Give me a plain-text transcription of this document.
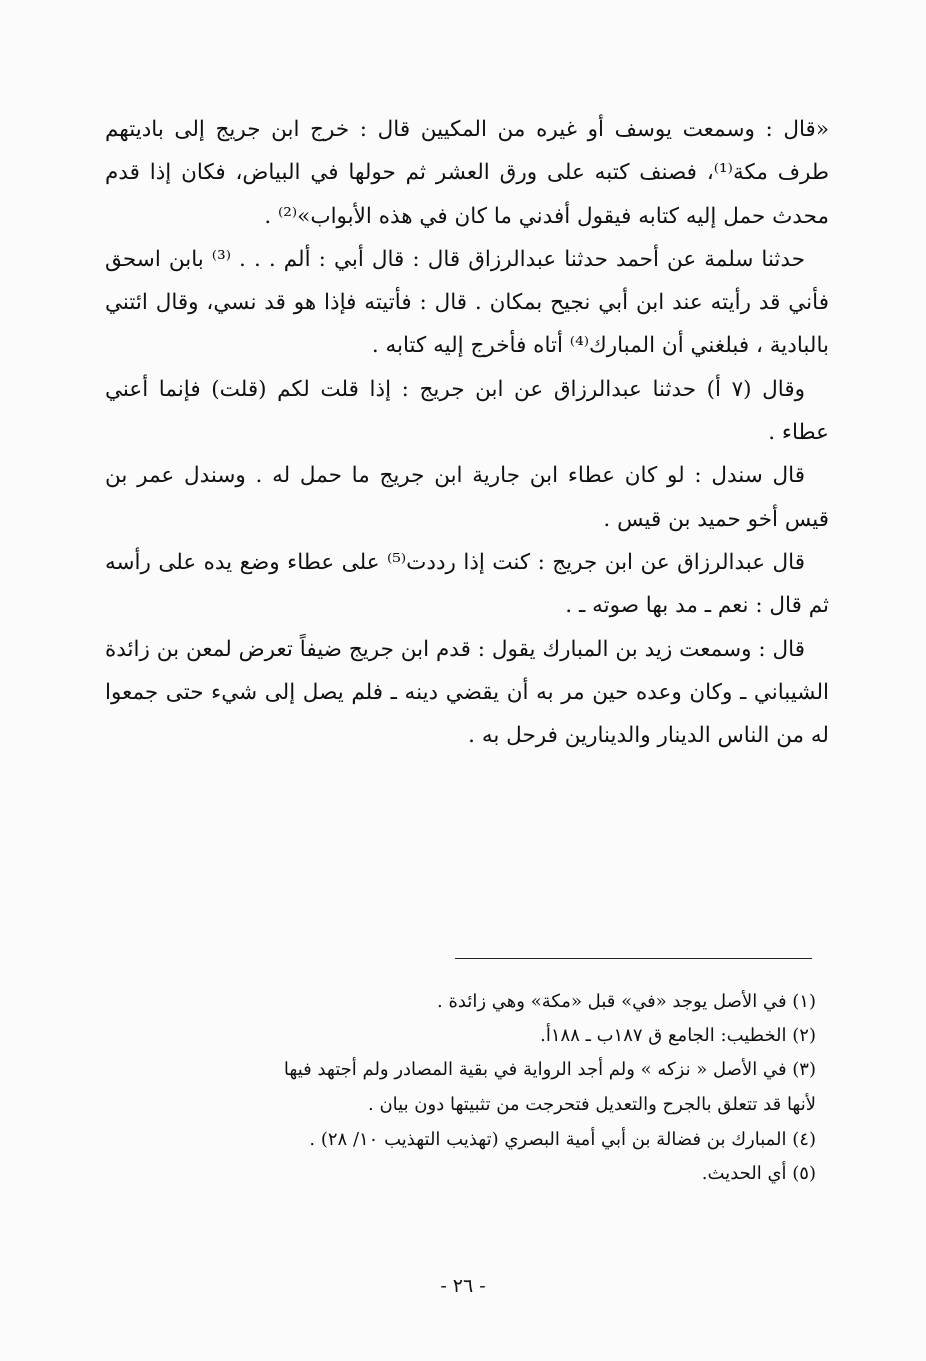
«قال : وسمعت يوسف أو غيره من المكيين قال : خرج ابن جريج إلى باديتهم طرف مكة⁽¹⁾، فصنف كتبه على ورق العشر ثم حولها في البياض، فكان إذا قدم محدث حمل إليه كتابه فيقول أفدني ما كان في هذه الأبواب»⁽²⁾ .

حدثنا سلمة عن أحمد حدثنا عبدالرزاق قال : قال أبي : ألم . . . ⁽³⁾ بابن اسحق فأني قد رأيته عند ابن أبي نجيح بمكان . قال : فأتيته فإذا هو قد نسي، وقال ائتني بالبادية ، فبلغني أن المبارك⁽⁴⁾ أتاه فأخرج إليه كتابه .

وقال (٧ أ) حدثنا عبدالرزاق عن ابن جريج : إذا قلت لكم (قلت) فإنما أعني عطاء .

قال سندل : لو كان عطاء ابن جارية ابن جريج ما حمل له . وسندل عمر بن قيس أخو حميد بن قيس .

قال عبدالرزاق عن ابن جريج : كنت إذا رددت⁽⁵⁾ على عطاء وضع يده على رأسه ثم قال : نعم ـ مد بها صوته ـ .

قال : وسمعت زيد بن المبارك يقول : قدم ابن جريج ضيفاً تعرض لمعن بن زائدة الشيباني ـ وكان وعده حين مر به أن يقضي دينه ـ فلم يصل إلى شيء حتى جمعوا له من الناس الدينار والدينارين فرحل به .

(١) في الأصل يوجد «في» قبل «مكة» وهي زائدة .

(٢) الخطيب: الجامع ق ١٨٧ب ـ ١٨٨أ.

(٣) في الأصل « نزكه » ولم أجد الرواية في بقية المصادر ولم أجتهد فيها

لأنها قد تتعلق بالجرح والتعديل فتحرجت من تثبيتها دون بيان .

(٤) المبارك بن فضالة بن أبي أمية البصري (تهذيب التهذيب ١٠/ ٢٨) .

(٥) أي الحديث.

- ٢٦ -
